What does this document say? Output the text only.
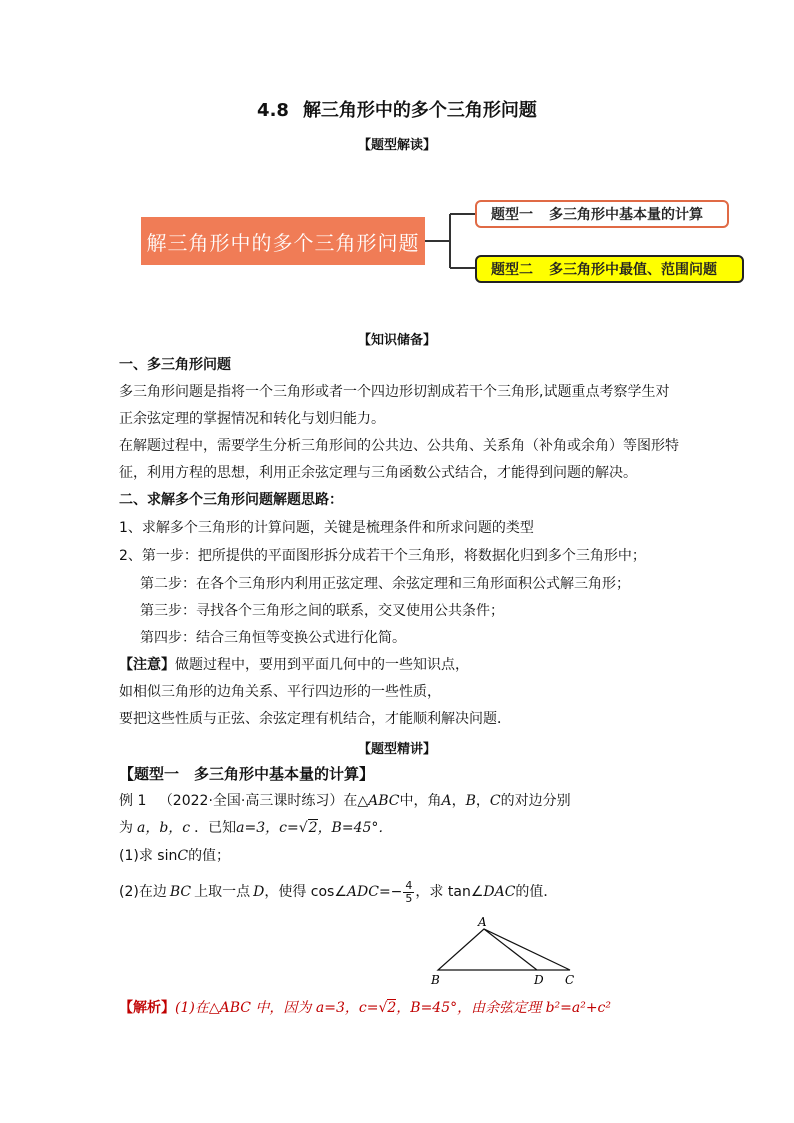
4.8 解三角形中的多个三角形问题
【题型解读】
解三角形中的多个三角形问题
题型一 多三角形中基本量的计算
题型二 多三角形中最值、范围问题
【知识储备】
一、多三角形问题
多三角形问题是指将一个三角形或者一个四边形切割成若干个三角形,试题重点考察学生对
正余弦定理的掌握情况和转化与划归能力。
在解题过程中，需要学生分析三角形间的公共边、公共角、关系角（补角或余角）等图形特
征，利用方程的思想，利用正余弦定理与三角函数公式结合，才能得到问题的解决。
二、求解多个三角形问题解题思路：
1、求解多个三角形的计算问题，关键是梳理条件和所求问题的类型
2、第一步：把所提供的平面图形拆分成若干个三角形，将数据化归到多个三角形中；
第二步：在各个三角形内利用正弦定理、余弦定理和三角形面积公式解三角形；
第三步：寻找各个三角形之间的联系，交叉使用公共条件；
第四步：结合三角恒等变换公式进行化简。
【注意】做题过程中，要用到平面几何中的一些知识点，
如相似三角形的边角关系、平行四边形的一些性质，
要把这些性质与正弦、余弦定理有机结合，才能顺利解决问题．
【题型精讲】
【题型一　多三角形中基本量的计算】
例 1 （2022·全国·高三课时练习）在△ABC中，角A，B，C的对边分别
为 a，b，c ．已知a=3，c=√2，B=45°．
(1)求 sinC的值；
(2)在边 BC 上取一点 D，使得 cos∠ADC=− $\frac{4}{5}$ ，求 tan∠DAC的值．
A
B	D C
【解析】(1)在△ABC 中，因为 a=3，c=√2，B=45°，由余弦定理 b²=a²+c²
